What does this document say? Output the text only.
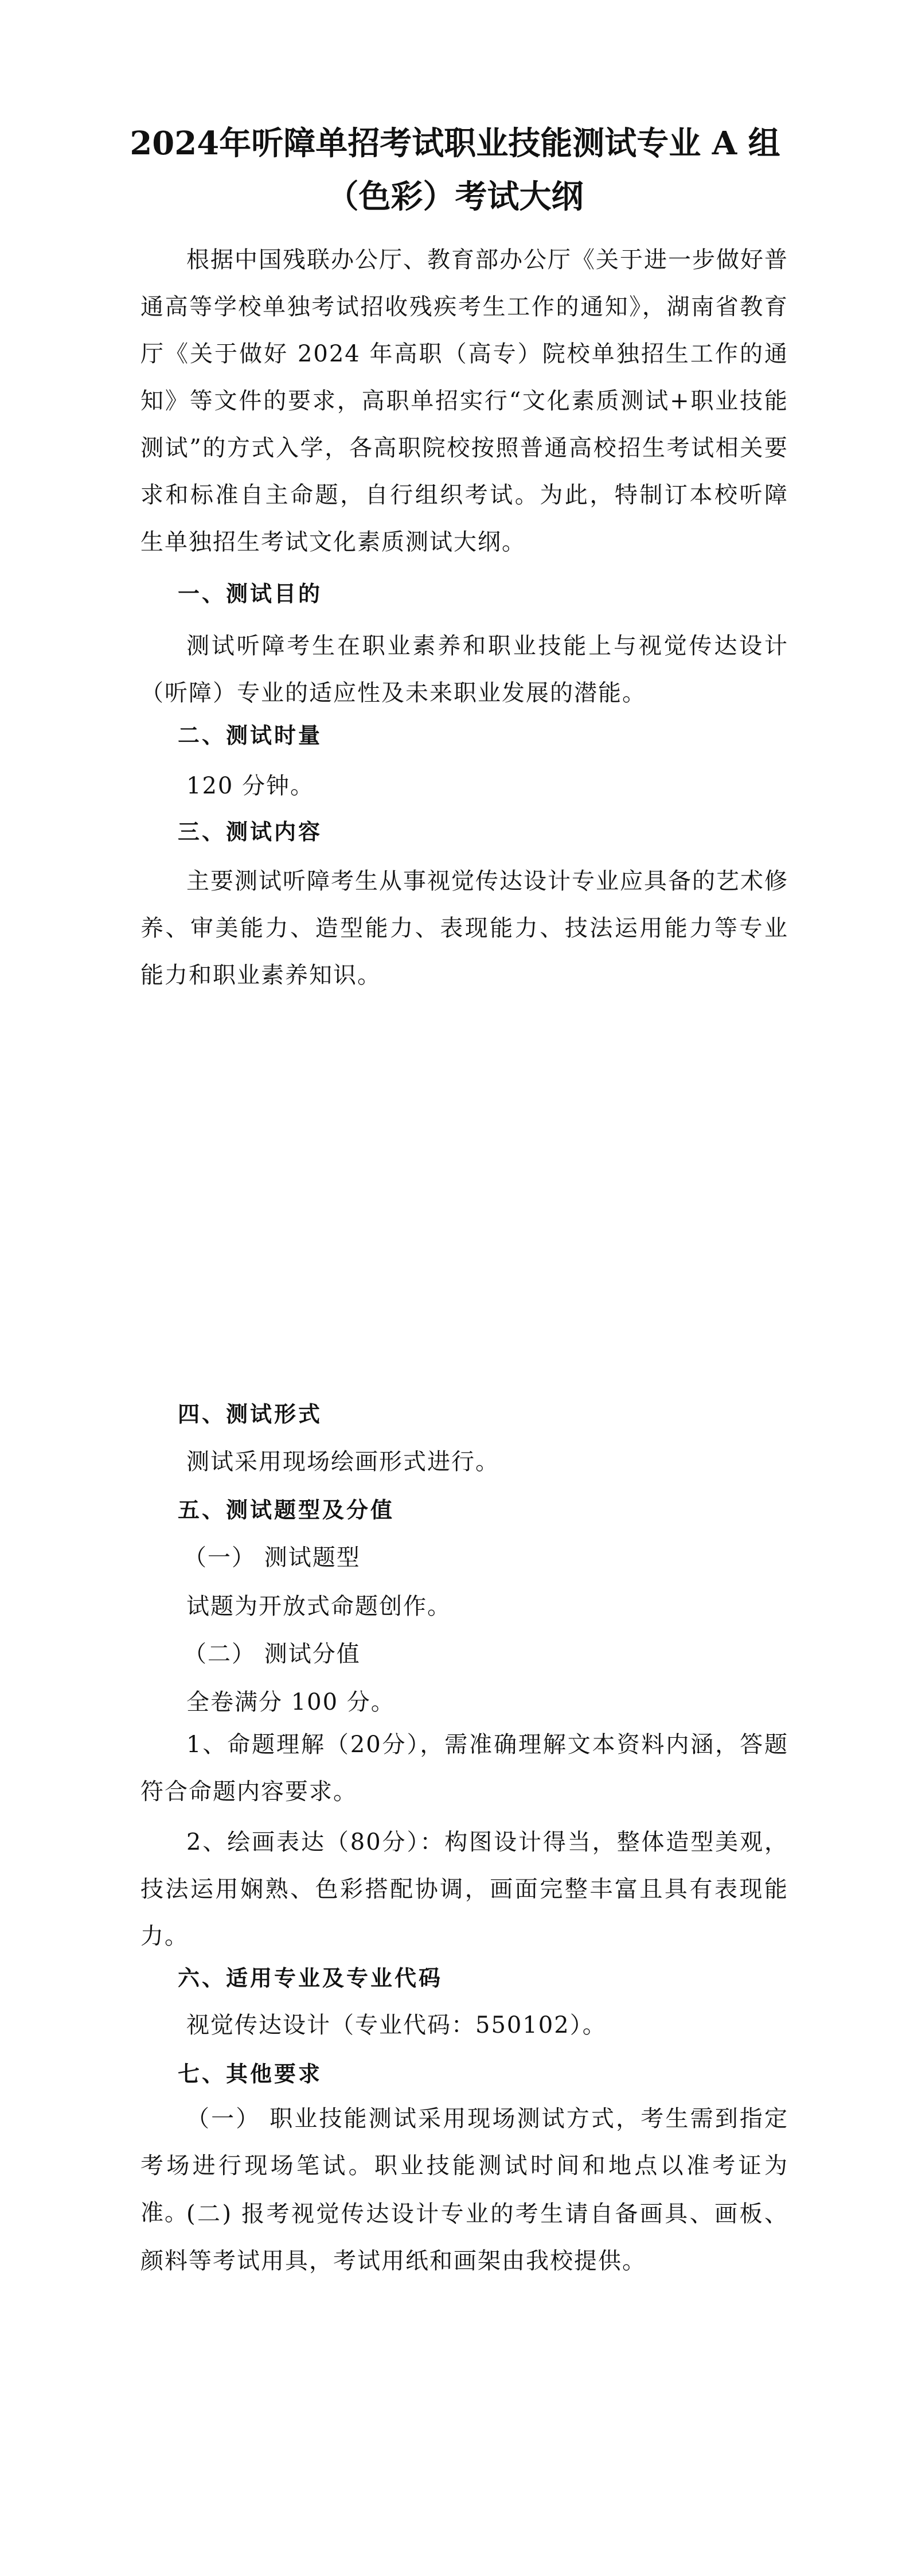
2024年听障单招考试职业技能测试专业 A 组
（色彩）考试大纲
根据中国残联办公厅、教育部办公厅《关于进一步做好普通高等学校单独考试招收残疾考生工作的通知》，湖南省教育厅《关于做好 2024 年高职（高专）院校单独招生工作的通知》等文件的要求，高职单招实行“文化素质测试+职业技能测试”的方式入学，各高职院校按照普通高校招生考试相关要求和标准自主命题，自行组织考试。为此，特制订本校听障生单独招生考试文化素质测试大纲。
一、测试目的
测试听障考生在职业素养和职业技能上与视觉传达设计（听障）专业的适应性及未来职业发展的潜能。
二、测试时量
120 分钟。
三、测试内容
主要测试听障考生从事视觉传达设计专业应具备的艺术修养、审美能力、造型能力、表现能力、技法运用能力等专业能力和职业素养知识。
四、测试形式
测试采用现场绘画形式进行。
五、测试题型及分值
（一） 测试题型
试题为开放式命题创作。
（二） 测试分值
全卷满分 100 分。
1、命题理解（20分），需准确理解文本资料内涵，答题符合命题内容要求。
2、绘画表达（80分）：构图设计得当，整体造型美观，技法运用娴熟、色彩搭配协调，画面完整丰富且具有表现能力。
六、适用专业及专业代码
视觉传达设计（专业代码：550102）。
七、其他要求
（一） 职业技能测试采用现场测试方式，考生需到指定考场进行现场笔试。职业技能测试时间和地点以准考证为准。
(二) 报考视觉传达设计专业的考生请自备画具、画板、颜料等考试用具，考试用纸和画架由我校提供。
